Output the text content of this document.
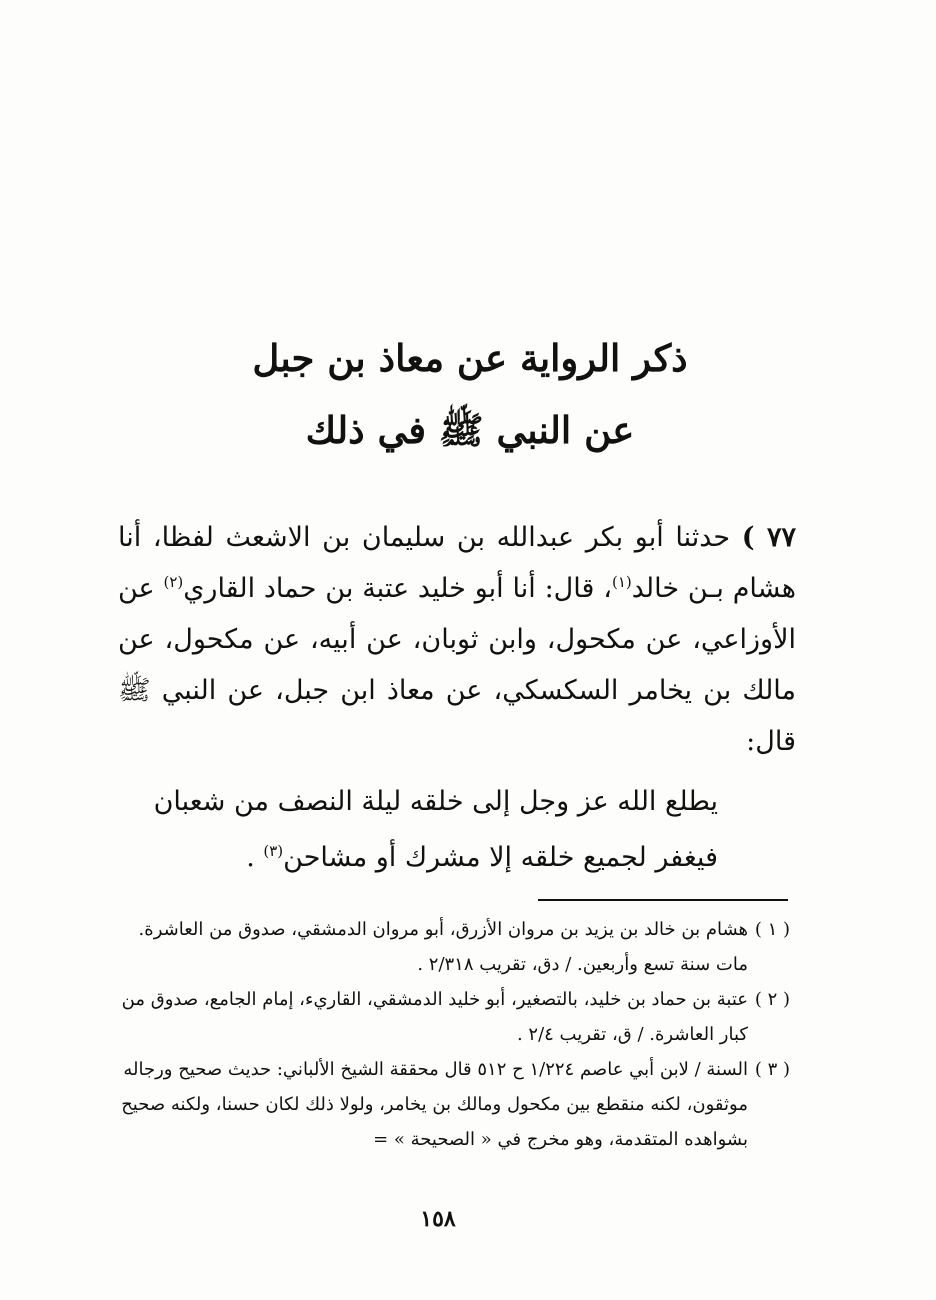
ذكر الرواية عن معاذ بن جبل
عن النبي ﷺ في ذلك
٧٧ ) حدثنا أبو بكر عبدالله بن سليمان بن الاشعث لفظا، أنا هشام بـن خالد$^{(١)}$، قال: أنا أبو خليد عتبة بن حماد القاري$^{(٢)}$ عن الأوزاعي، عن مكحول، وابن ثوبان، عن أبيه، عن مكحول، عن مالك بن يخامر السكسكي، عن معاذ ابن جبل، عن النبي ﷺ قال:
يطلع الله عز وجل إلى خلقه ليلة النصف من شعبان فيغفر لجميع خلقه إلا مشرك أو مشاحن$^{(٣)}$ .
( ١ )
هشام بن خالد بن يزيد بن مروان الأزرق، أبو مروان الدمشقي، صدوق من العاشرة. مات سنة تسع وأربعين. / دق، تقريب ٢/٣١٨ .
( ٢ )
عتبة بن حماد بن خليد، بالتصغير، أبو خليد الدمشقي، القاريء، إمام الجامع، صدوق من كبار العاشرة. / ق، تقريب ٢/٤ .
( ٣ )
السنة / لابن أبي عاصم ١/٢٢٤ ح ٥١٢ قال محققة الشيخ الألباني: حديث صحيح ورجاله موثقون، لكنه منقطع بين مكحول ومالك بن يخامر، ولولا ذلك لكان حسنا، ولكنه صحيح بشواهده المتقدمة، وهو مخرج في « الصحيحة » =
١٥٨
